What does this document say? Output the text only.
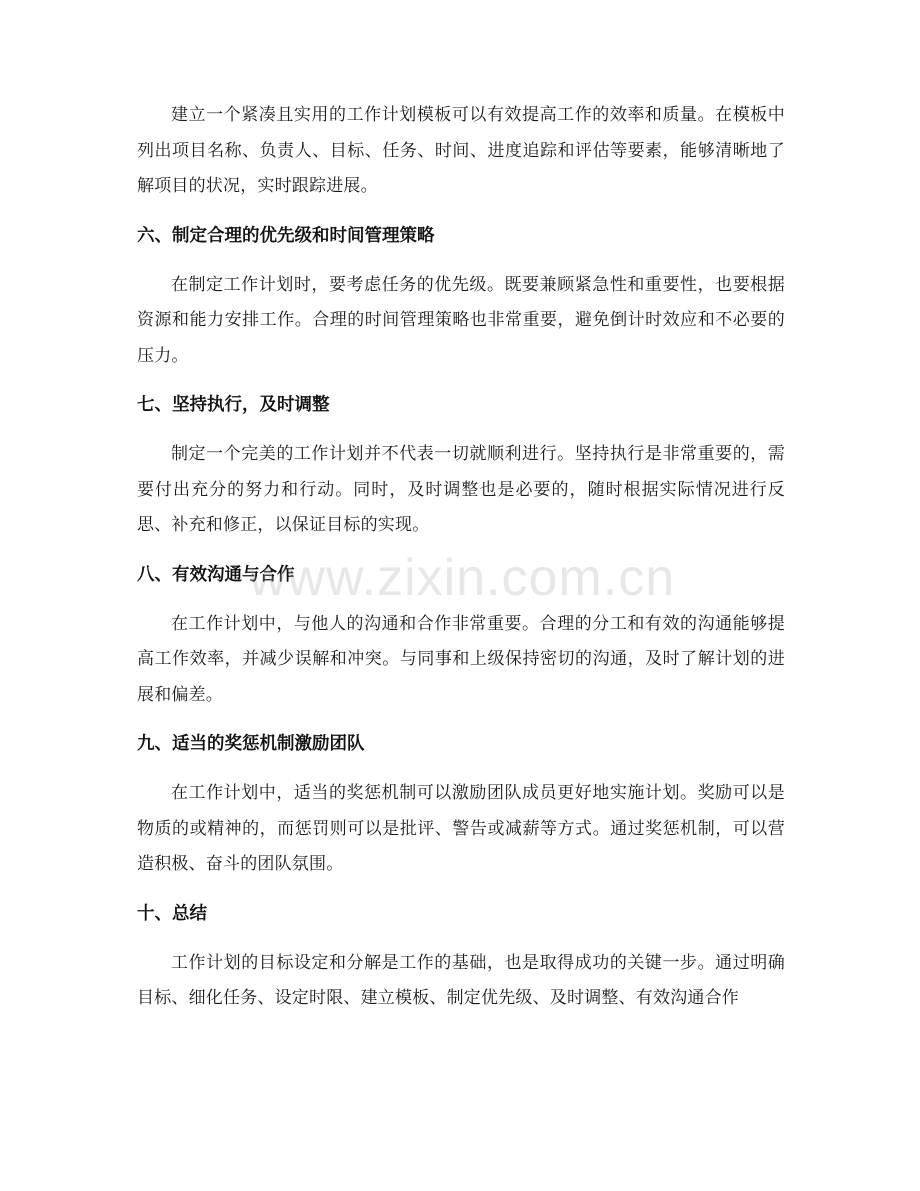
建立一个紧凑且实用的工作计划模板可以有效提高工作的效率和质量。在模板中列出项目名称、负责人、目标、任务、时间、进度追踪和评估等要素，能够清晰地了解项目的状况，实时跟踪进展。

六、制定合理的优先级和时间管理策略

在制定工作计划时，要考虑任务的优先级。既要兼顾紧急性和重要性，也要根据资源和能力安排工作。合理的时间管理策略也非常重要，避免倒计时效应和不必要的压力。

七、坚持执行，及时调整

制定一个完美的工作计划并不代表一切就顺利进行。坚持执行是非常重要的，需要付出充分的努力和行动。同时，及时调整也是必要的，随时根据实际情况进行反思、补充和修正，以保证目标的实现。

八、有效沟通与合作

在工作计划中，与他人的沟通和合作非常重要。合理的分工和有效的沟通能够提高工作效率，并减少误解和冲突。与同事和上级保持密切的沟通，及时了解计划的进展和偏差。

九、适当的奖惩机制激励团队

在工作计划中，适当的奖惩机制可以激励团队成员更好地实施计划。奖励可以是物质的或精神的，而惩罚则可以是批评、警告或减薪等方式。通过奖惩机制，可以营造积极、奋斗的团队氛围。

十、总结

工作计划的目标设定和分解是工作的基础，也是取得成功的关键一步。通过明确目标、细化任务、设定时限、建立模板、制定优先级、及时调整、有效沟通合作

www.zixin.com.cn
